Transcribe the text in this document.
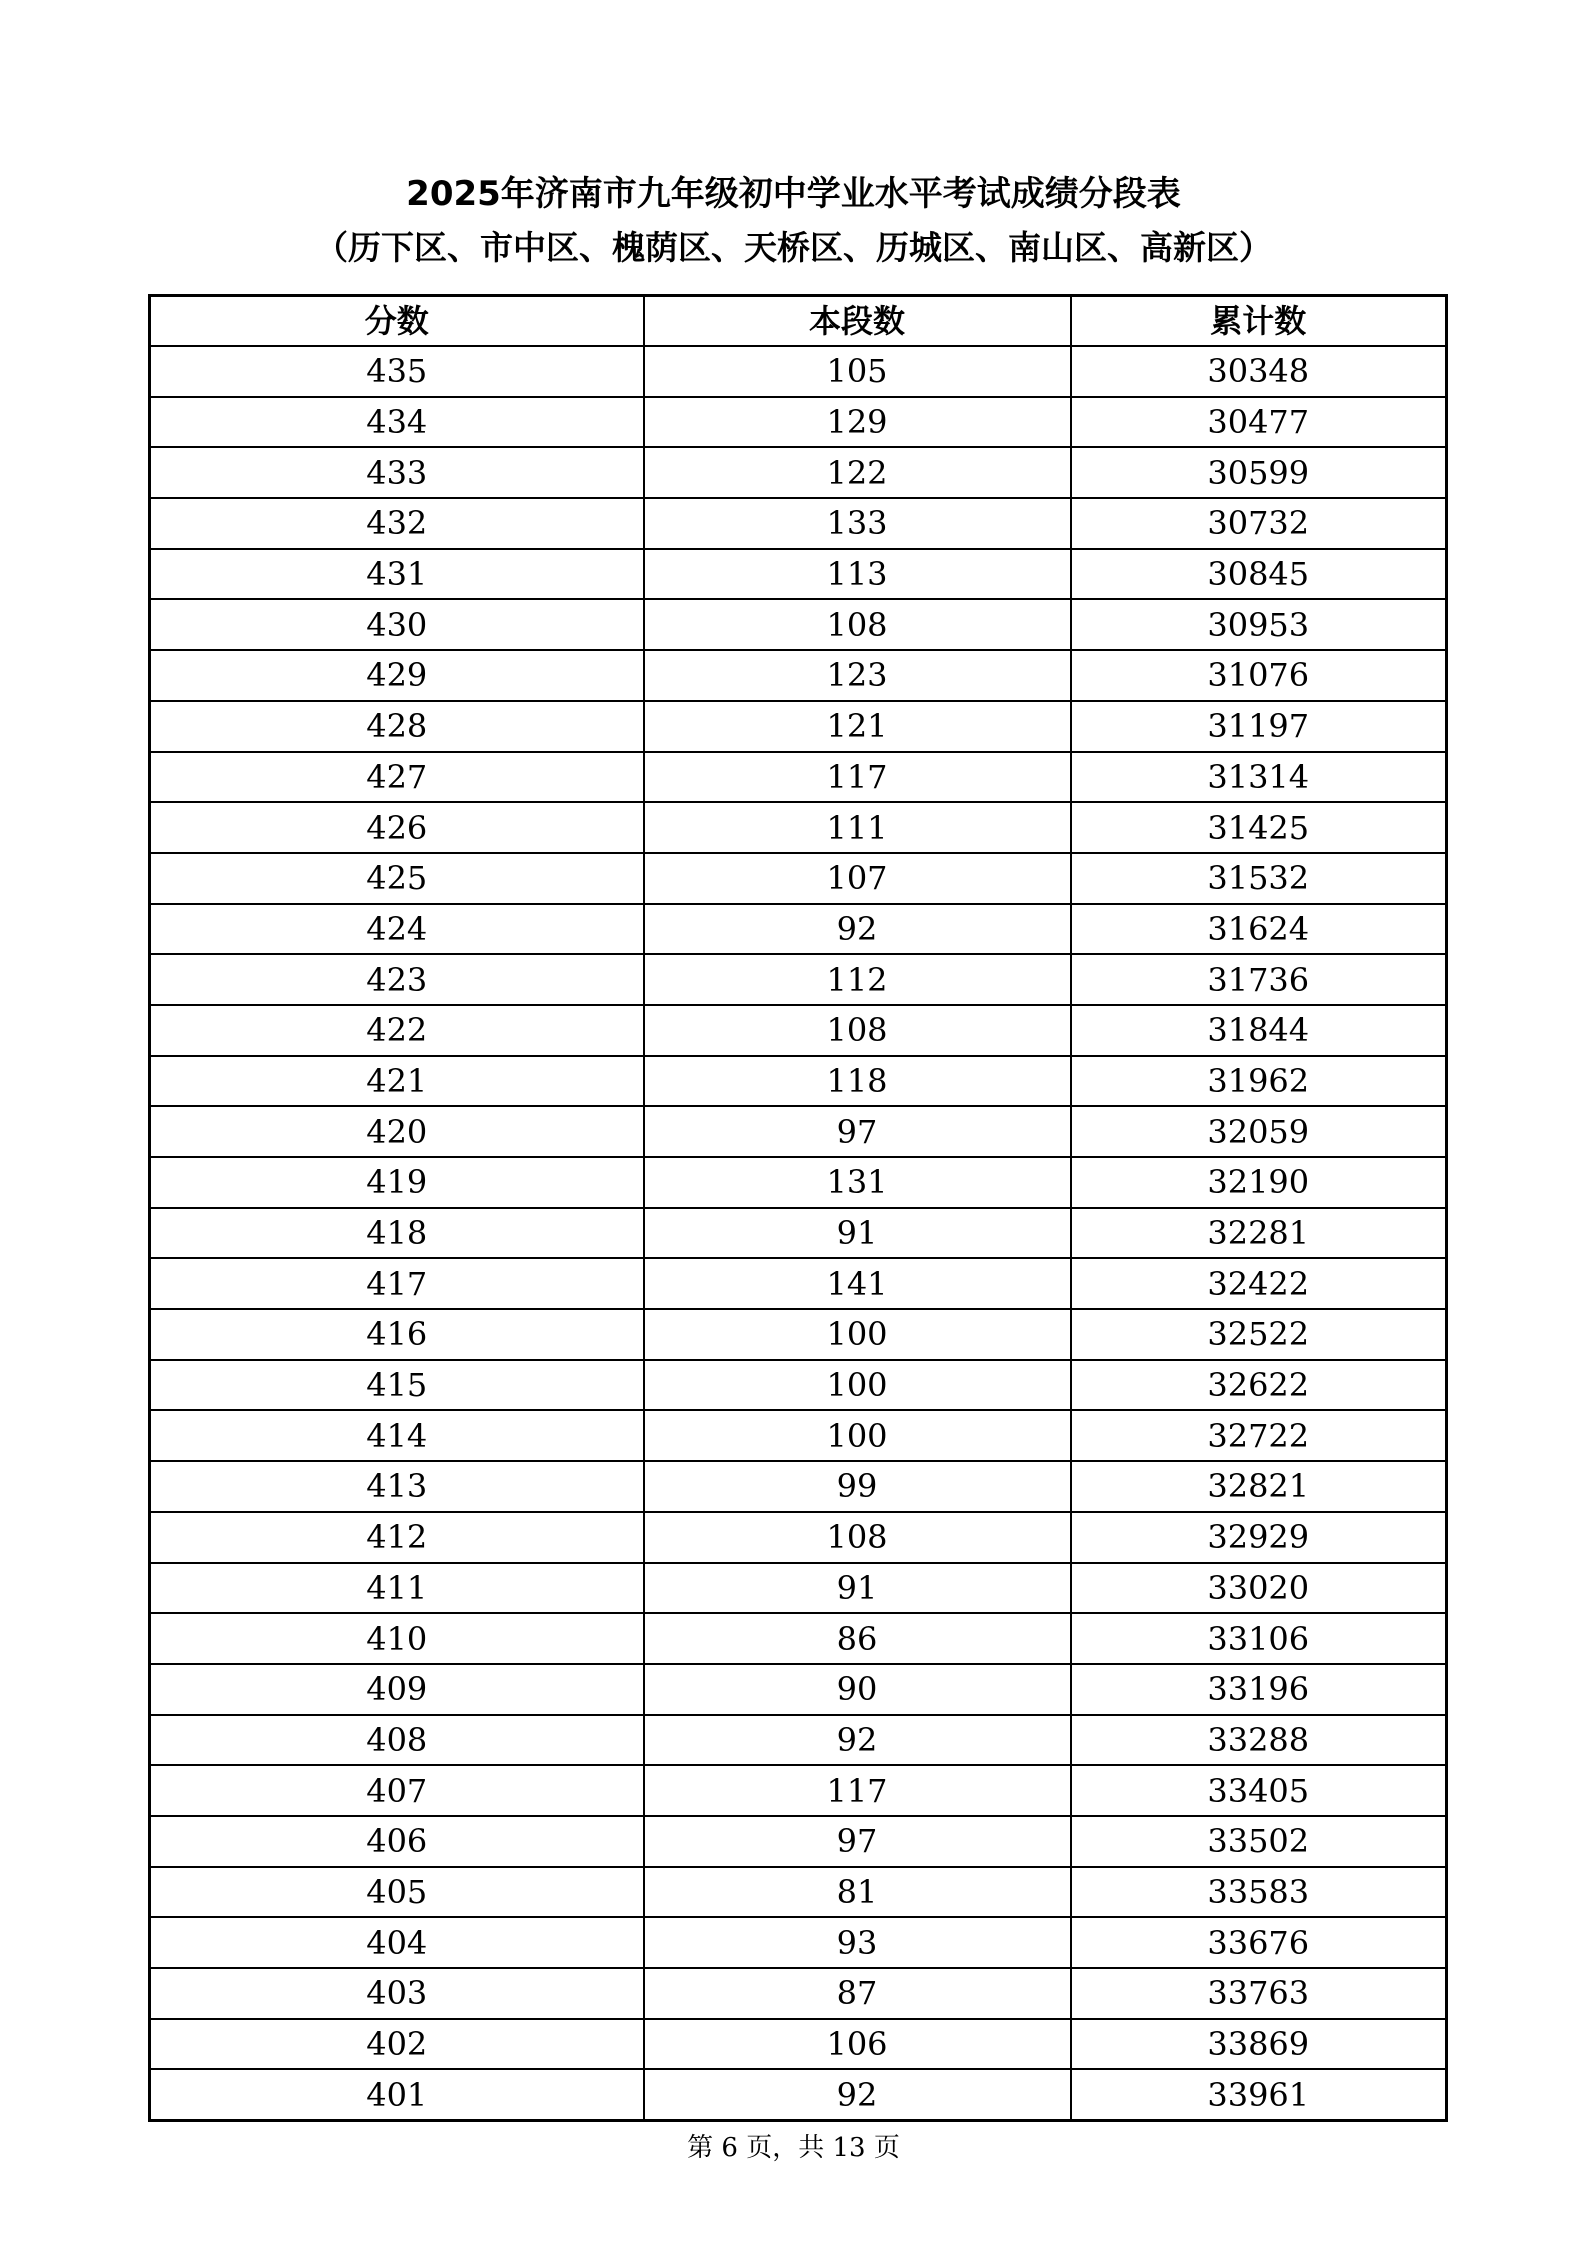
2025年济南市九年级初中学业水平考试成绩分段表
（历下区、市中区、槐荫区、天桥区、历城区、南山区、高新区）
分数	本段数	累计数
435	105	30348
434	129	30477
433	122	30599
432	133	30732
431	113	30845
430	108	30953
429	123	31076
428	121	31197
427	117	31314
426	111	31425
425	107	31532
424	92	31624
423	112	31736
422	108	31844
421	118	31962
420	97	32059
419	131	32190
418	91	32281
417	141	32422
416	100	32522
415	100	32622
414	100	32722
413	99	32821
412	108	32929
411	91	33020
410	86	33106
409	90	33196
408	92	33288
407	117	33405
406	97	33502
405	81	33583
404	93	33676
403	87	33763
402	106	33869
401	92	33961
第 6 页，共 13 页
